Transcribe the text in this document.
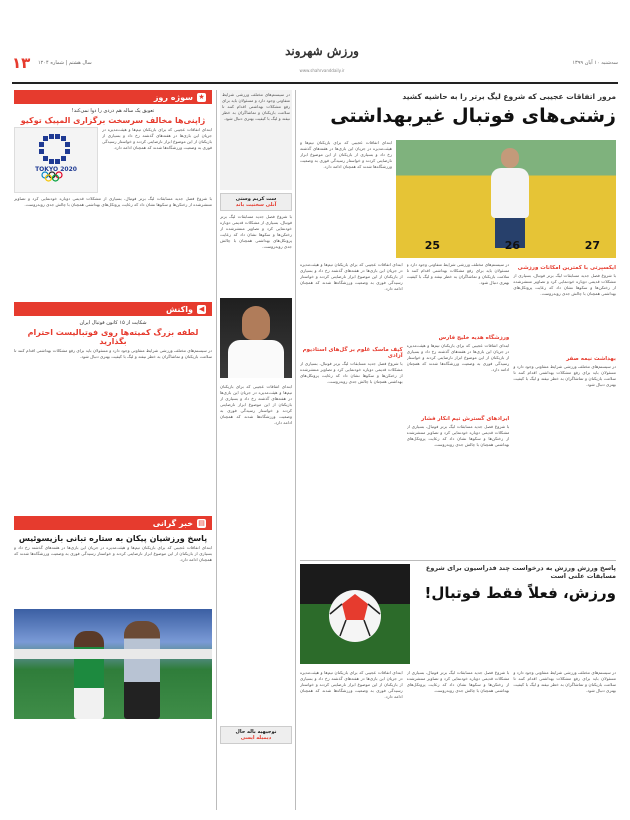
۱۳ سال هشتم | شماره ۱۲۰۴
ورزش شهروند
www.shahrvanddaily.ir
سه‌شنبه ۱۰ آبان ۱۳۹۹
★
سوژه روز
تعویق یک ساله هم دردی را دوا نمی‌کند!
ژاپنی‌ها مخالف سرسخت برگزاری المپیک توکیو
ابتدای اتفاقات عجیبی که برای بازیکنان تیم‌ها و هیئت‌مدیره در جریان این بازی‌ها در هفته‌های گذشته رخ داد و بسیاری از بازیکنان از این موضوع ابراز نارضایتی کردند و خواستار رسیدگی فوری به وضعیت ورزشگاه‌ها شدند که همچنان ادامه دارد.
TOKYO 2020
با شروع فصل جدید مسابقات لیگ برتر فوتبال، بسیاری از مشکلات قدیمی دوباره خودنمایی کرد و تصاویر منتشرشده از رختکن‌ها و سکوها نشان داد که رعایت پروتکل‌های بهداشتی همچنان با چالش جدی روبه‌روست.
◀
واکنش
شکایت از ۱۵ کانون فوتبال ایران
لطفه بزرگ کمیته‌ها روی فوتبالیست احترام بگذارید
در سیستم‌های مختلف ورزشی شرایط متفاوتی وجود دارد و مسئولان باید برای رفع مشکلات بهداشتی اقدام کنند تا سلامت بازیکنان و تماشاگران به خطر نیفتد و لیگ با کیفیت بهتری دنبال شود.
▤
خبر گرانی
پاسخ ورزشیان پیکان به ستاره تبانی بازیسوئیس
ابتدای اتفاقات عجیبی که برای بازیکنان تیم‌ها و هیئت‌مدیره در جریان این بازی‌ها در هفته‌های گذشته رخ داد و بسیاری از بازیکنان از این موضوع ابراز نارضایتی کردند و خواستار رسیدگی فوری به وضعیت ورزشگاه‌ها شدند که همچنان ادامه دارد.
در سیستم‌های مختلف ورزشی شرایط متفاوتی وجود دارد و مسئولان باید برای رفع مشکلات بهداشتی اقدام کنند تا سلامت بازیکنان و تماشاگران به خطر نیفتد و لیگ با کیفیت بهتری دنبال شود.
ست کریم وستی
آنلی سختیت باند
با شروع فصل جدید مسابقات لیگ برتر فوتبال، بسیاری از مشکلات قدیمی دوباره خودنمایی کرد و تصاویر منتشرشده از رختکن‌ها و سکوها نشان داد که رعایت پروتکل‌های بهداشتی همچنان با چالش جدی روبه‌روست.
ابتدای اتفاقات عجیبی که برای بازیکنان تیم‌ها و هیئت‌مدیره در جریان این بازی‌ها در هفته‌های گذشته رخ داد و بسیاری از بازیکنان از این موضوع ابراز نارضایتی کردند و خواستار رسیدگی فوری به وضعیت ورزشگاه‌ها شدند که همچنان ادامه دارد.
نوجیهیه باله حال
دیمیله ایسی
مرور اتفاقات عجیبی که شروع لیگ برتر را به حاشیه کشید
زشتی‌های فوتبال غیربهداشتی
27
26
25
ابتدای اتفاقات عجیبی که برای بازیکنان تیم‌ها و هیئت‌مدیره در جریان این بازی‌ها در هفته‌های گذشته رخ داد و بسیاری از بازیکنان از این موضوع ابراز نارضایتی کردند و خواستار رسیدگی فوری به وضعیت ورزشگاه‌ها شدند که همچنان ادامه دارد.
ایکسپرتی با کمترین امکانات ورزشی
با شروع فصل جدید مسابقات لیگ برتر فوتبال، بسیاری از مشکلات قدیمی دوباره خودنمایی کرد و تصاویر منتشرشده از رختکن‌ها و سکوها نشان داد که رعایت پروتکل‌های بهداشتی همچنان با چالش جدی روبه‌روست.
بهداشت نیمه صفر
در سیستم‌های مختلف ورزشی شرایط متفاوتی وجود دارد و مسئولان باید برای رفع مشکلات بهداشتی اقدام کنند تا سلامت بازیکنان و تماشاگران به خطر نیفتد و لیگ با کیفیت بهتری دنبال شود.
در سیستم‌های مختلف ورزشی شرایط متفاوتی وجود دارد و مسئولان باید برای رفع مشکلات بهداشتی اقدام کنند تا سلامت بازیکنان و تماشاگران به خطر نیفتد و لیگ با کیفیت بهتری دنبال شود.
ورزشگاه هدیه خلیج فارس
ابتدای اتفاقات عجیبی که برای بازیکنان تیم‌ها و هیئت‌مدیره در جریان این بازی‌ها در هفته‌های گذشته رخ داد و بسیاری از بازیکنان از این موضوع ابراز نارضایتی کردند و خواستار رسیدگی فوری به وضعیت ورزشگاه‌ها شدند که همچنان ادامه دارد.
ایرادهای گسترش تیم انکار فشار
با شروع فصل جدید مسابقات لیگ برتر فوتبال، بسیاری از مشکلات قدیمی دوباره خودنمایی کرد و تصاویر منتشرشده از رختکن‌ها و سکوها نشان داد که رعایت پروتکل‌های بهداشتی همچنان با چالش جدی روبه‌روست.
ابتدای اتفاقات عجیبی که برای بازیکنان تیم‌ها و هیئت‌مدیره در جریان این بازی‌ها در هفته‌های گذشته رخ داد و بسیاری از بازیکنان از این موضوع ابراز نارضایتی کردند و خواستار رسیدگی فوری به وضعیت ورزشگاه‌ها شدند که همچنان ادامه دارد.
کیف ماسک غلوم بر گل‌های استادیوم آزادی
با شروع فصل جدید مسابقات لیگ برتر فوتبال، بسیاری از مشکلات قدیمی دوباره خودنمایی کرد و تصاویر منتشرشده از رختکن‌ها و سکوها نشان داد که رعایت پروتکل‌های بهداشتی همچنان با چالش جدی روبه‌روست.
پاسخ ورزش ورزش به درخواست چند فدراسیون برای شروع مسابقات علنی است
ورزش، فعلاً فقط فوتبال!
در سیستم‌های مختلف ورزشی شرایط متفاوتی وجود دارد و مسئولان باید برای رفع مشکلات بهداشتی اقدام کنند تا سلامت بازیکنان و تماشاگران به خطر نیفتد و لیگ با کیفیت بهتری دنبال شود.
با شروع فصل جدید مسابقات لیگ برتر فوتبال، بسیاری از مشکلات قدیمی دوباره خودنمایی کرد و تصاویر منتشرشده از رختکن‌ها و سکوها نشان داد که رعایت پروتکل‌های بهداشتی همچنان با چالش جدی روبه‌روست.
ابتدای اتفاقات عجیبی که برای بازیکنان تیم‌ها و هیئت‌مدیره در جریان این بازی‌ها در هفته‌های گذشته رخ داد و بسیاری از بازیکنان از این موضوع ابراز نارضایتی کردند و خواستار رسیدگی فوری به وضعیت ورزشگاه‌ها شدند که همچنان ادامه دارد.
